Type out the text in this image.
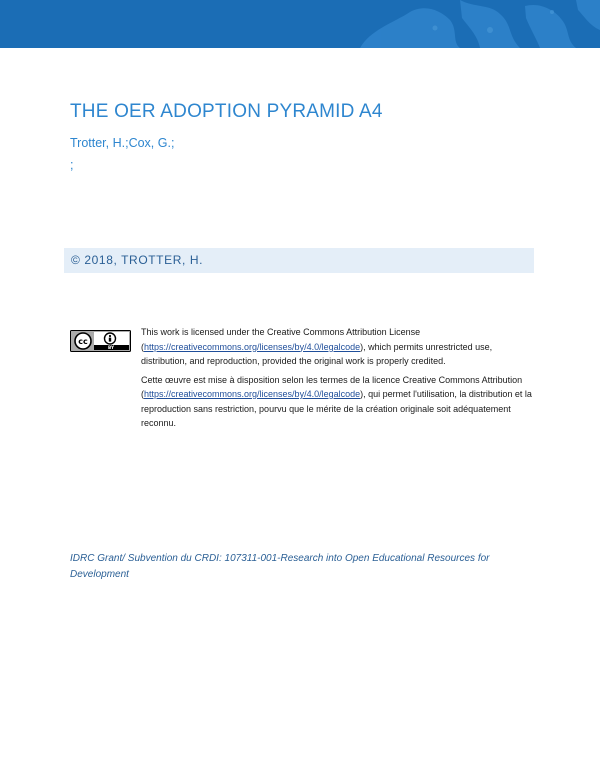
THE OER ADOPTION PYRAMID A4
Trotter, H.;Cox, G.;
;
© 2018, TROTTER, H.
cc
BY

This work is licensed under the Creative Commons Attribution License
(https://creativecommons.org/licenses/by/4.0/legalcode), which permits unrestricted use, distribution, and reproduction, provided the original work is properly credited.

Cette œuvre est mise à disposition selon les termes de la licence Creative Commons Attribution (https://creativecommons.org/licenses/by/4.0/legalcode), qui permet l'utilisation, la distribution et la reproduction sans restriction, pourvu que le mérite de la création originale soit adéquatement reconnu.

IDRC Grant/ Subvention du CRDI: 107311-001-Research into Open Educational Resources for Development
